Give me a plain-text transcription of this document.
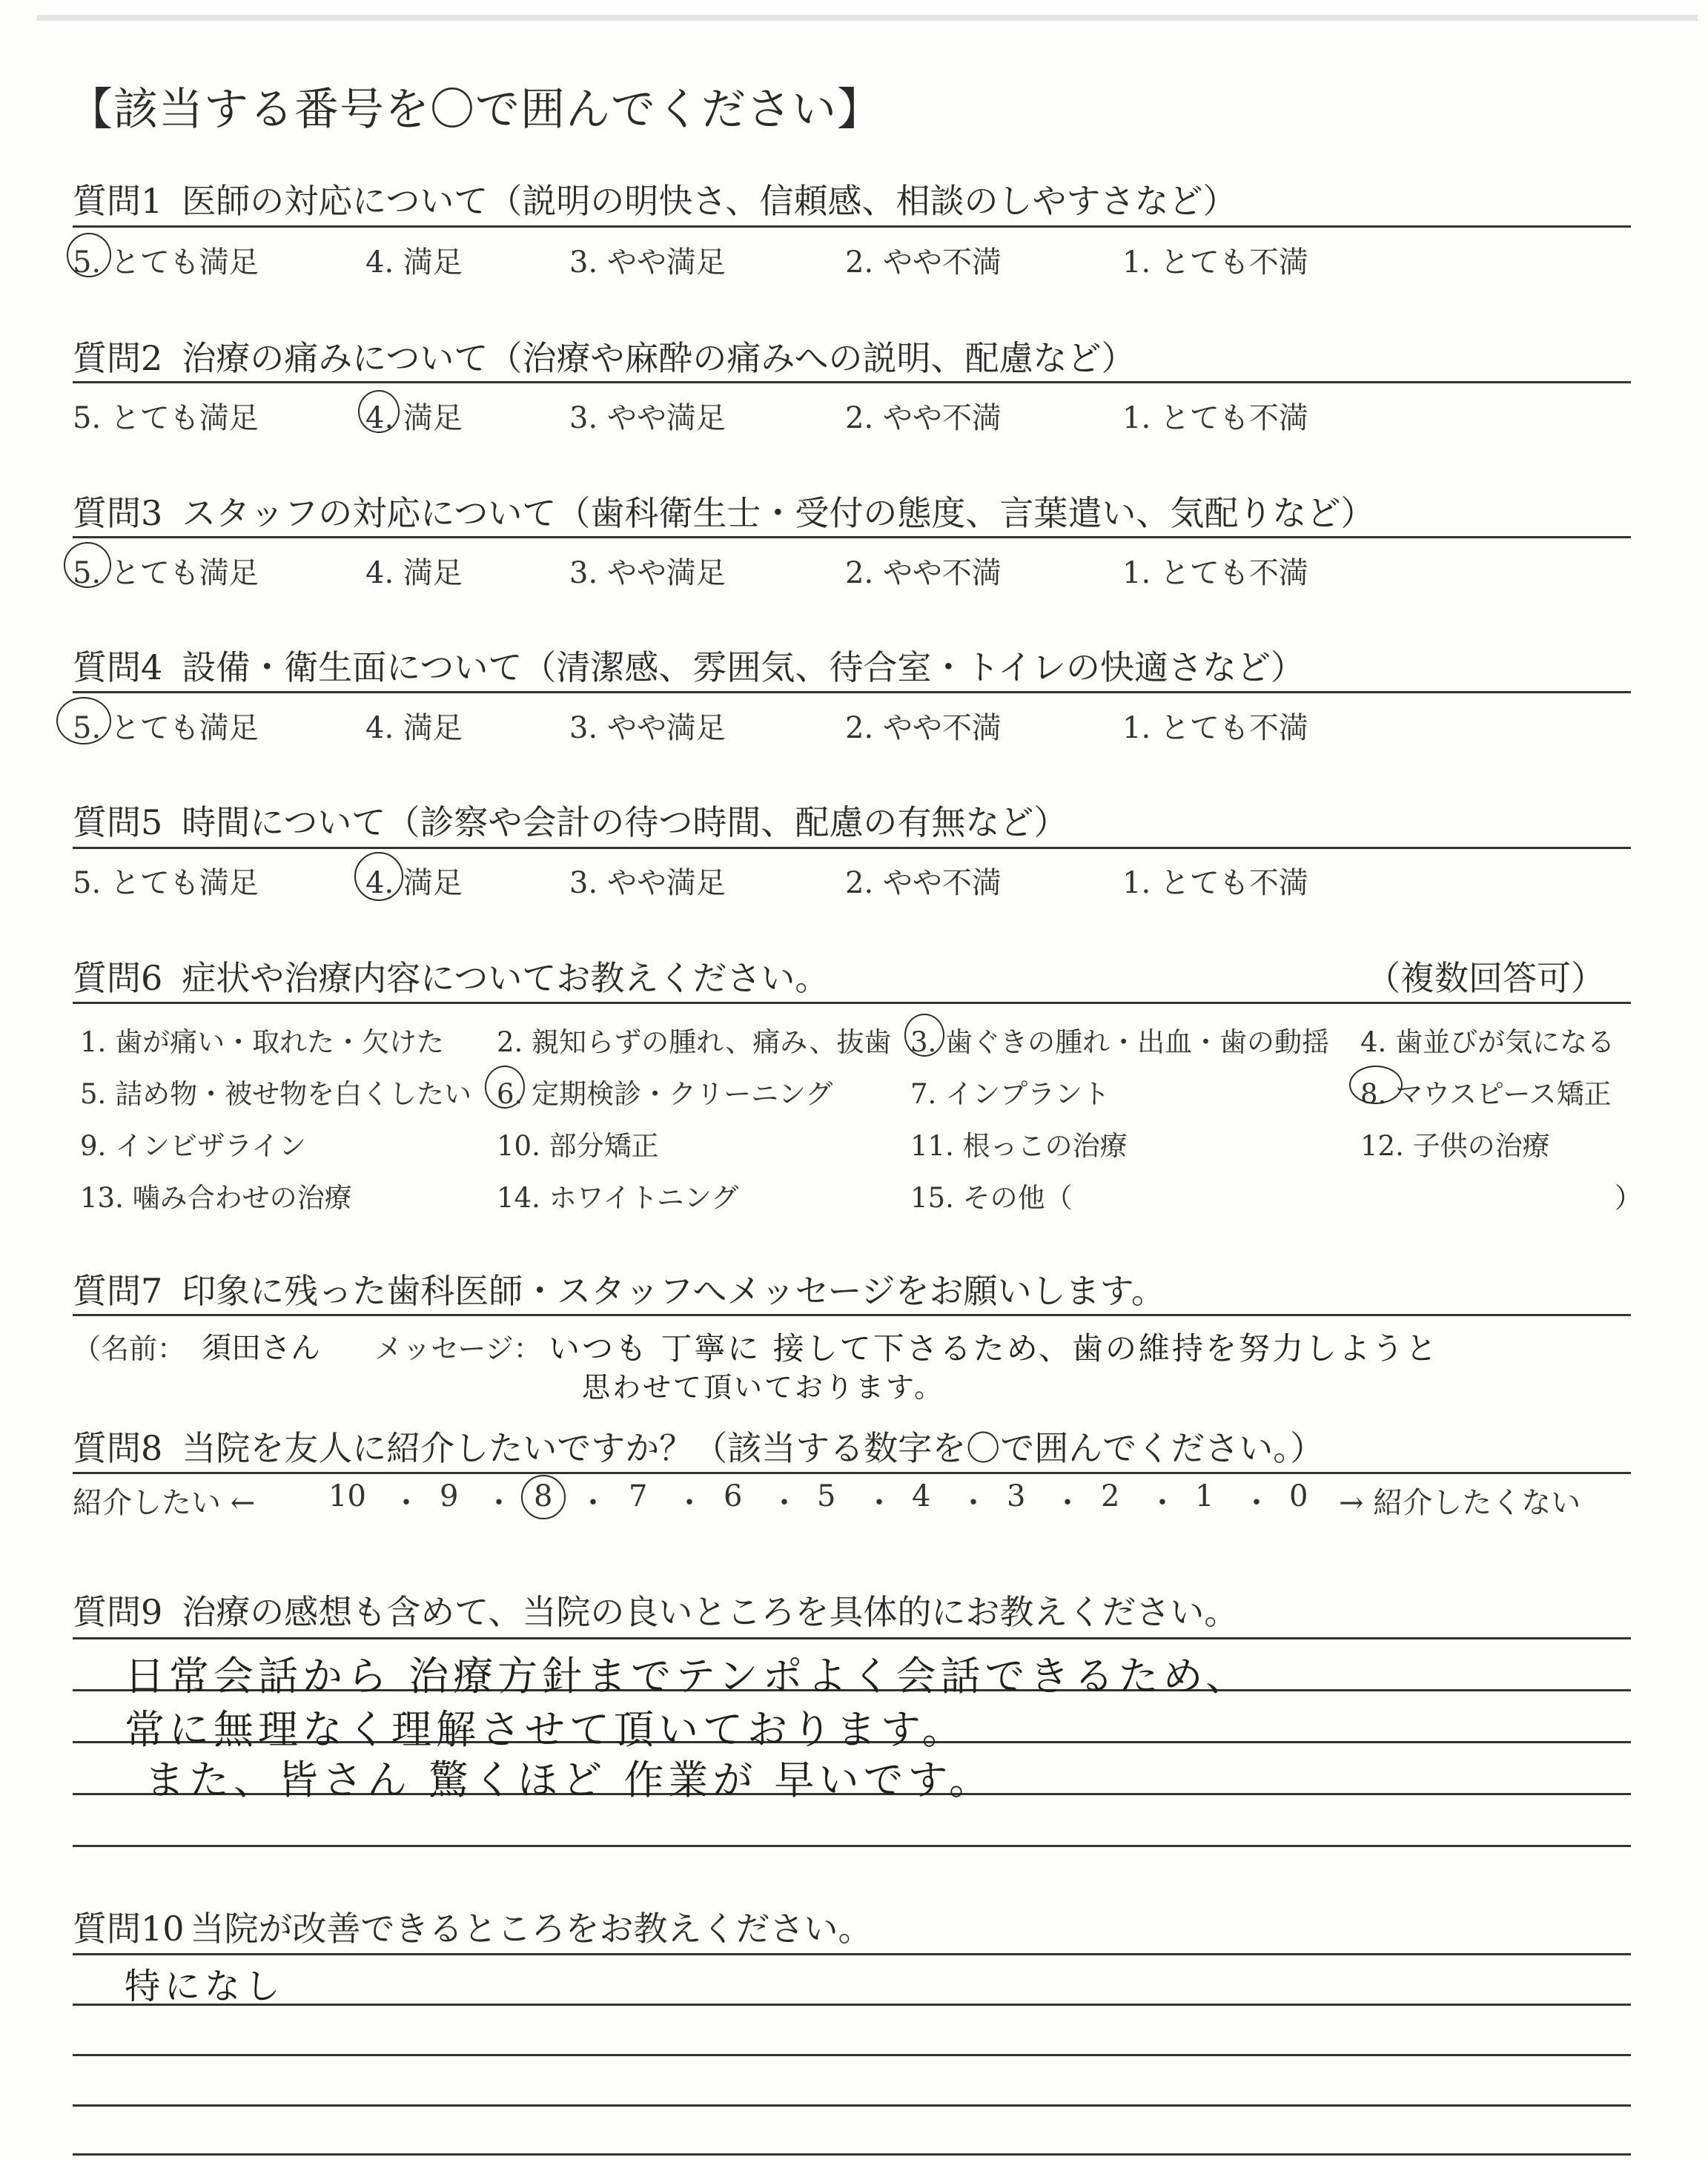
【該当する番号を〇で囲んでください】
質問1 医師の対応について（説明の明快さ、信頼感、相談のしやすさなど）
5. とても満足	4. 満足	3. やや満足	2. やや不満	1. とても不満
質問2 治療の痛みについて（治療や麻酔の痛みへの説明、配慮など）
5. とても満足	4. 満足	3. やや満足	2. やや不満	1. とても不満
質問3 スタッフの対応について（歯科衛生士・受付の態度、言葉遣い、気配りなど）
5. とても満足	4. 満足	3. やや満足	2. やや不満	1. とても不満
質問4 設備・衛生面について（清潔感、雰囲気、待合室・トイレの快適さなど）
5. とても満足	4. 満足	3. やや満足	2. やや不満	1. とても不満
質問5 時間について（診察や会計の待つ時間、配慮の有無など）
5. とても満足	4. 満足	3. やや満足	2. やや不満	1. とても不満
質問6 症状や治療内容についてお教えください。	（複数回答可）
1. 歯が痛い・取れた・欠けた 2. 親知らずの腫れ、痛み、抜歯 3. 歯ぐきの腫れ・出血・歯の動揺 4. 歯並びが気になる
5. 詰め物・被せ物を白くしたい 6. 定期検診・クリーニング	7. インプラント	8. マウスピース矯正
9. インビザライン	10. 部分矯正	11. 根っこの治療	12. 子供の治療
13. 噛み合わせの治療	14. ホワイトニング	15. その他（	）
質問7 印象に残った歯科医師・スタッフへメッセージをお願いします。
（名前： 須田さん メッセージ： いつも 丁寧に 接して下さるため、歯の維持を努力しようと
思わせて頂いております。
質問8 当院を友人に紹介したいですか？（該当する数字を〇で囲んでください。）
紹介したい ← 10 ・ 9 ・ 8 ・ 7 ・ 6 ・ 5 ・ 4 ・ 3 ・ 2 ・ 1 ・ 0 → 紹介したくない
質問9 治療の感想も含めて、当院の良いところを具体的にお教えください。
日常会話から 治療方針までテンポよく会話できるため、
常に無理なく理解させて頂いております。
また、皆さん 驚くほど 作業が 早いです。
質問10 当院が改善できるところをお教えください。
特になし
